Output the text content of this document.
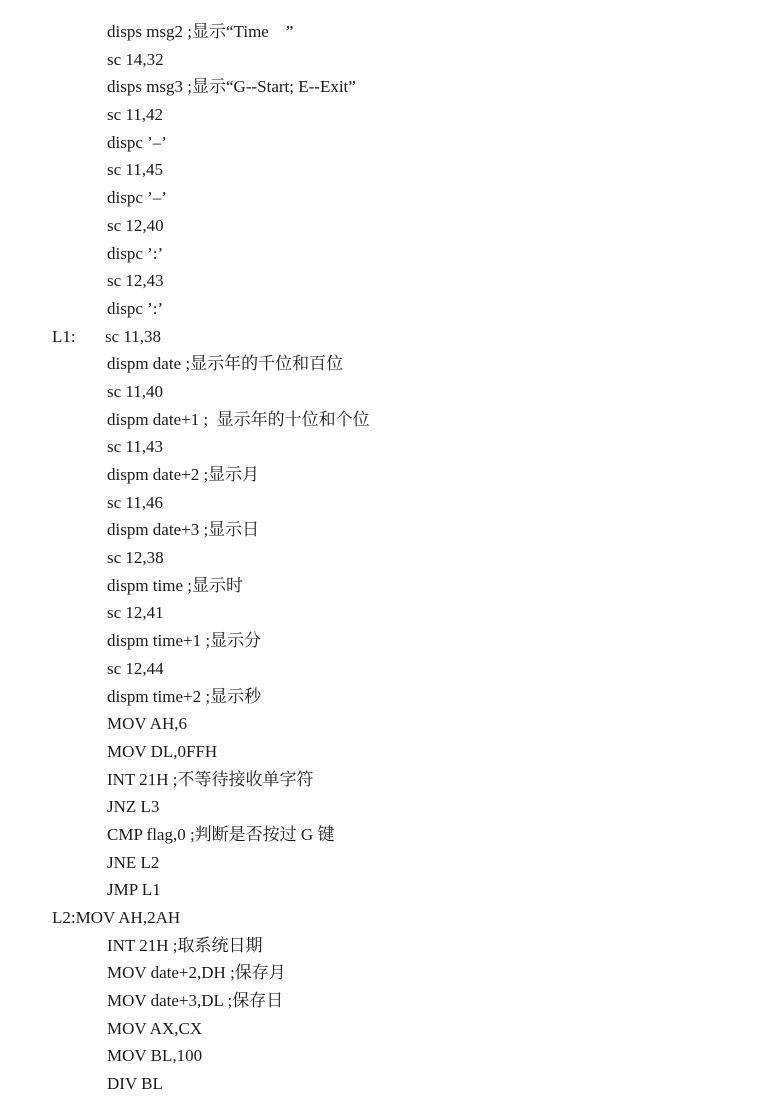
disps msg2 ;显示“Time    ”
sc 14,32
disps msg3 ;显示“G--Start; E--Exit”
sc 11,42
dispc ’–’
sc 11,45
dispc ’–’
sc 12,40
dispc ’:’
sc 12,43
dispc ’:’
L1: sc 11,38
dispm date ;显示年的千位和百位
sc 11,40
dispm date+1 ;  显示年的十位和个位
sc 11,43
dispm date+2 ;显示月
sc 11,46
dispm date+3 ;显示日
sc 12,38
dispm time ;显示时
sc 12,41
dispm time+1 ;显示分
sc 12,44
dispm time+2 ;显示秒
MOV AH,6
MOV DL,0FFH
INT 21H ;不等待接收单字符
JNZ L3
CMP flag,0 ;判断是否按过 G 键
JNE L2
JMP L1
L2:MOV AH,2AH
INT 21H ;取系统日期
MOV date+2,DH ;保存月
MOV date+3,DL ;保存日
MOV AX,CX
MOV BL,100
DIV BL
